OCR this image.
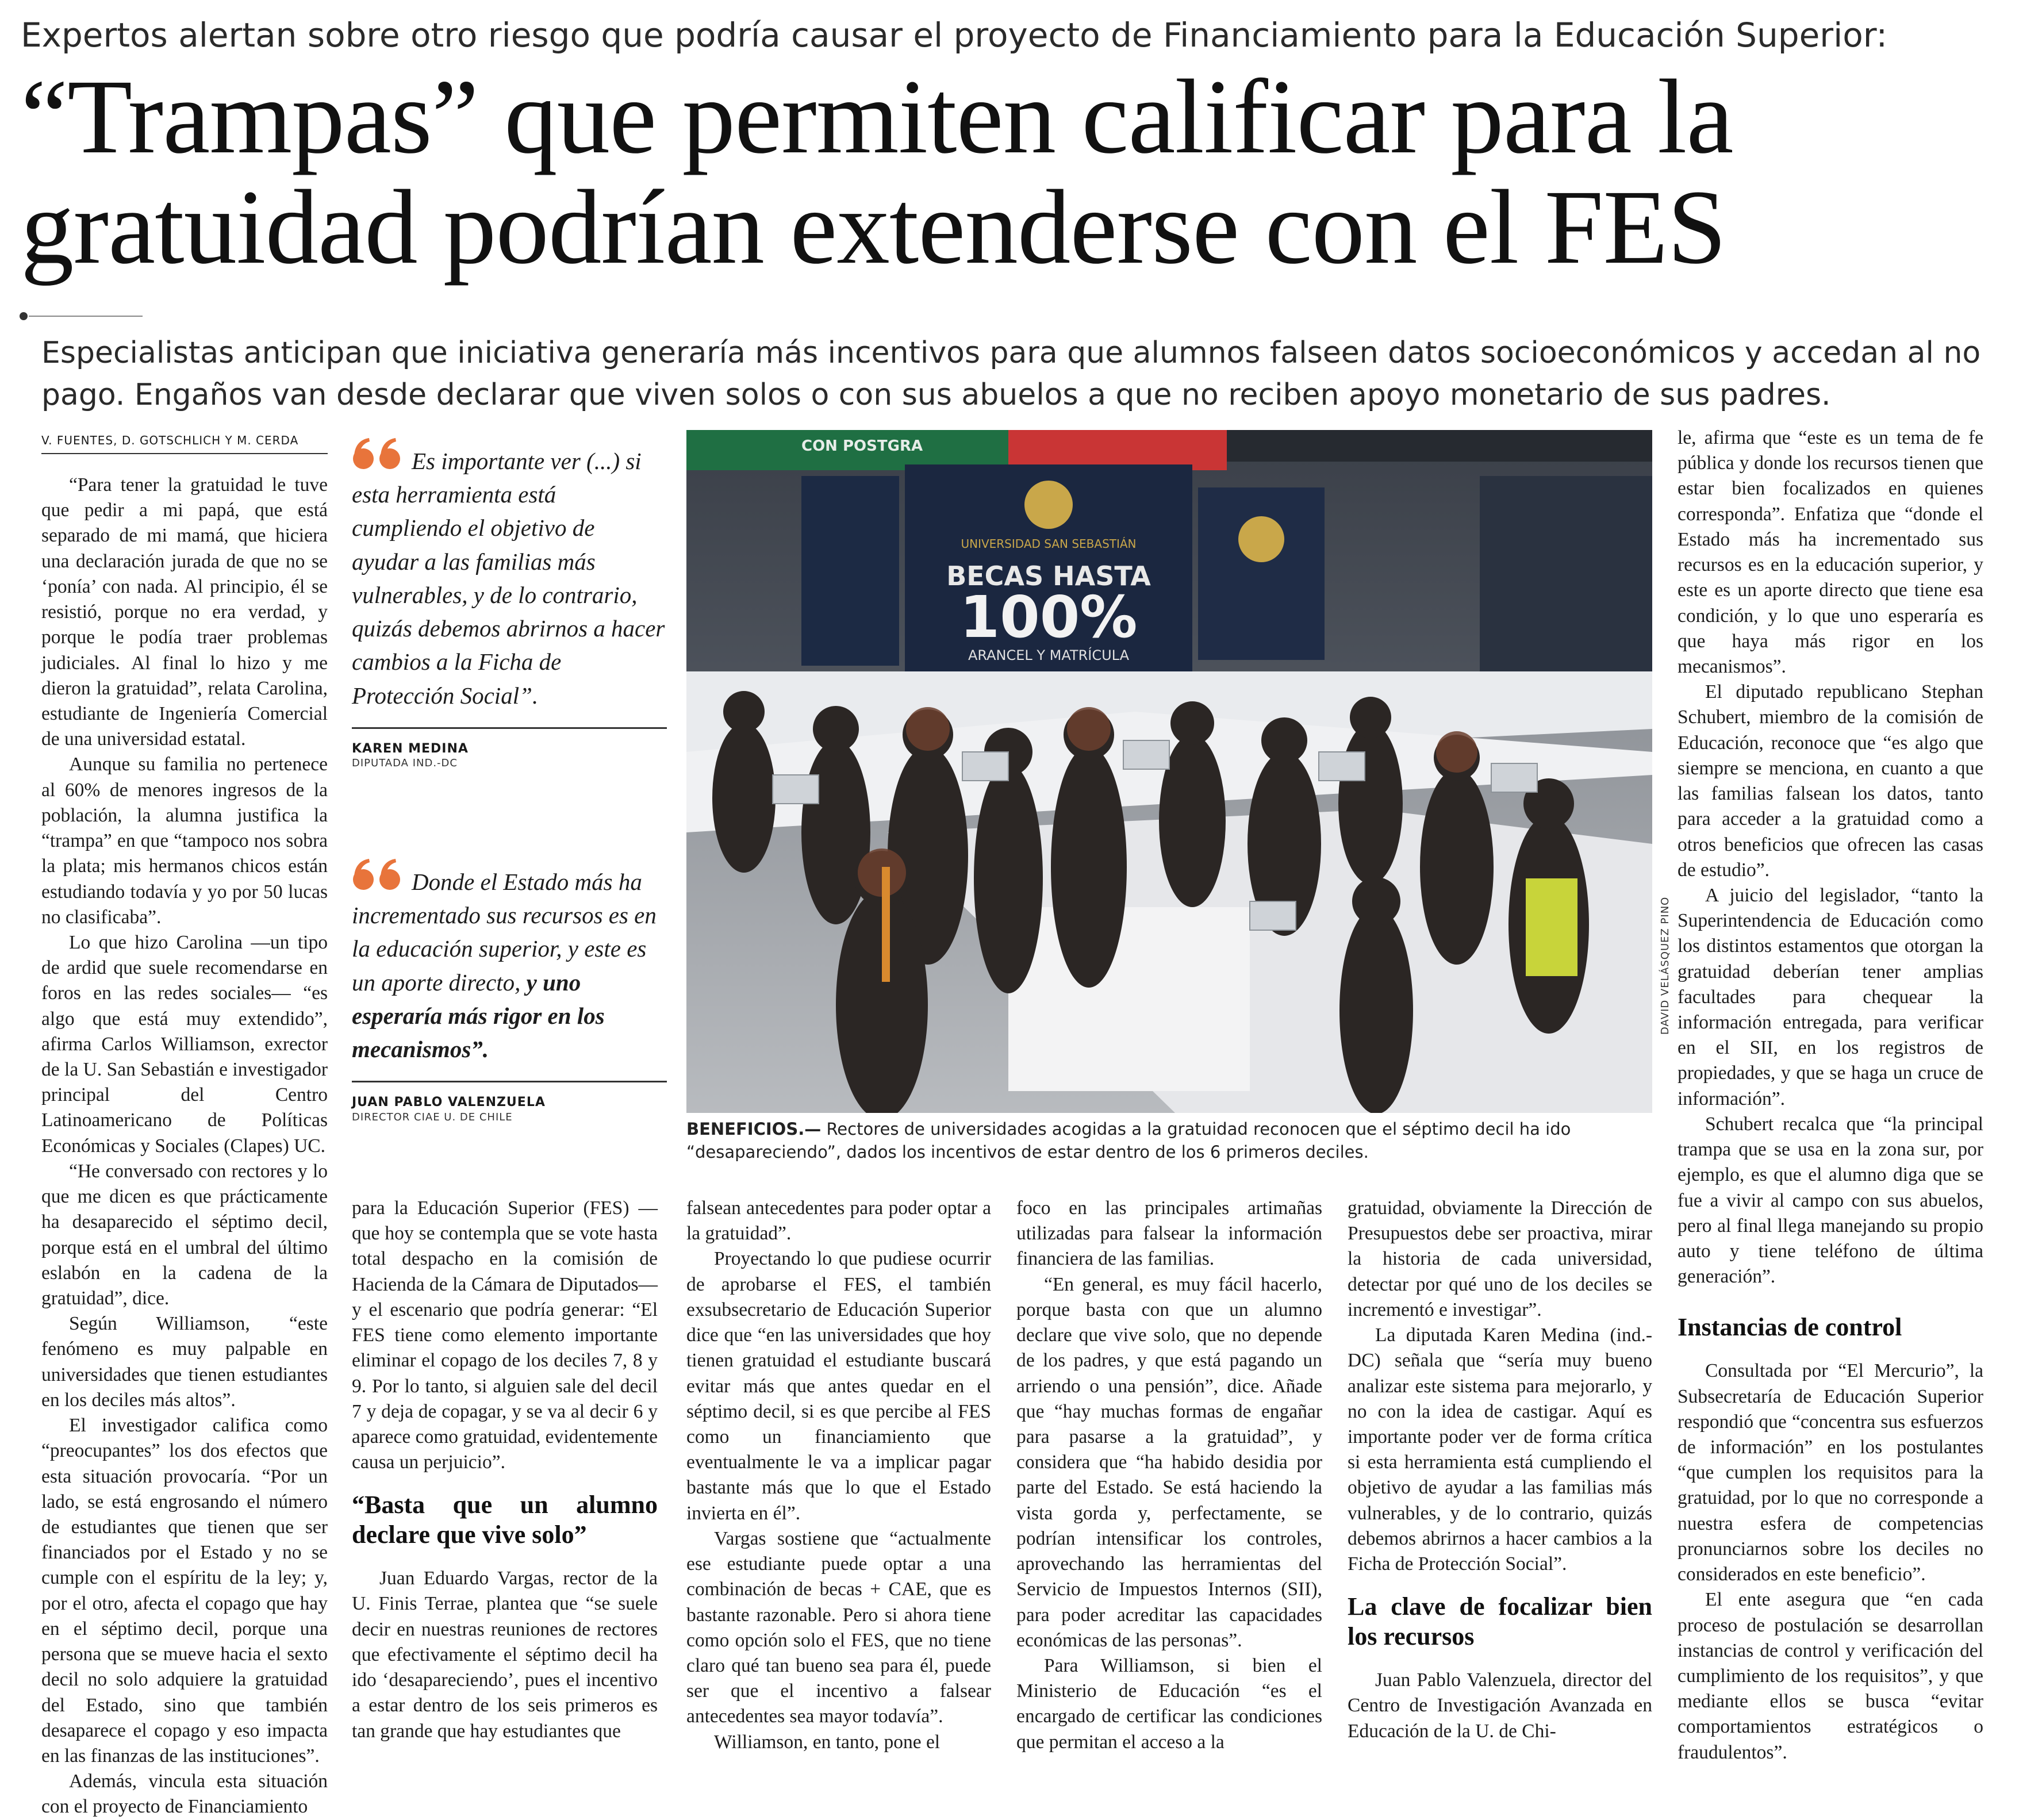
Expertos alertan sobre otro riesgo que podría causar el proyecto de Financiamiento para la Educación Superior:
“Trampas” que permiten calificar para la gratuidad podrían extenderse con el FES
Especialistas anticipan que iniciativa generaría más incentivos para que alumnos falseen datos socioeconómicos y accedan al no pago. Engaños van desde declarar que viven solos o con sus abuelos a que no reciben apoyo monetario de sus padres.
V. FUENTES, D. GOTSCHLICH Y M. CERDA

“Para tener la gratuidad le tuve que pedir a mi papá, que está separado de mi mamá, que hiciera una declaración jurada de que no se ‘ponía’ con nada. Al principio, él se resistió, porque no era verdad, y porque le podía traer problemas judiciales. Al final lo hizo y me dieron la gratuidad”, relata Carolina, estudiante de Ingeniería Comercial de una universidad estatal.

Aunque su familia no pertenece al 60% de menores ingresos de la población, la alumna justifica la “trampa” en que “tampoco nos sobra la plata; mis hermanos chicos están estudiando todavía y yo por 50 lucas no clasificaba”.

Lo que hizo Carolina —un tipo de ardid que suele recomendarse en foros en las redes sociales— “es algo que está muy extendido”, afirma Carlos Williamson, exrector de la U. San Sebastián e investigador principal del Centro Latinoamericano de Políticas Económicas y Sociales (Clapes) UC.

“He conversado con rectores y lo que me dicen es que prácticamente ha desaparecido el séptimo decil, porque está en el umbral del último eslabón en la cadena de la gratuidad”, dice.

Según Williamson, “este fenómeno es muy palpable en universidades que tienen estudiantes en los deciles más altos”.

El investigador califica como “preocupantes” los dos efectos que esta situación provocaría. “Por un lado, se está engrosando el número de estudiantes que tienen que ser financiados por el Estado y no se cumple con el espíritu de la ley; y, por el otro, afecta el copago que hay en el séptimo decil, porque una persona que se mueve hacia el sexto decil no solo adquiere la gratuidad del Estado, sino que también desaparece el copago y eso impacta en las finanzas de las instituciones”.

Además, vincula esta situación con el proyecto de Financiamiento

Es importante ver (...) si esta herramienta está cumpliendo el objetivo de ayudar a las familias más vulnerables, y de lo contrario, quizás debemos abrirnos a hacer cambios a la Ficha de Protección Social”.
KAREN MEDINA
DIPUTADA IND.-DC
Donde el Estado más ha incrementado sus recursos es en la educación superior, y este es un aporte directo, y uno esperaría más rigor en los mecanismos”.
JUAN PABLO VALENZUELA
DIRECTOR CIAE U. DE CHILE
CON POSTGRA
UNIVERSIDAD SAN SEBASTIÁN
BECAS HASTA
100%
ARANCEL Y MATRÍCULA
DAVID VELÁSQUEZ PINO
BENEFICIOS.— Rectores de universidades acogidas a la gratuidad reconocen que el séptimo decil ha ido “desapareciendo”, dados los incentivos de estar dentro de los 6 primeros deciles.

para la Educación Superior (FES) —que hoy se contempla que se vote hasta total despacho en la comisión de Hacienda de la Cámara de Diputados— y el escenario que podría generar: “El FES tiene como elemento importante eliminar el copago de los deciles 7, 8 y 9. Por lo tanto, si alguien sale del decil 7 y deja de copagar, y se va al decir 6 y aparece como gratuidad, evidentemente causa un perjuicio”.

“Basta que un alumno declare que vive solo”

Juan Eduardo Vargas, rector de la U. Finis Terrae, plantea que “se suele decir en nuestras reuniones de rectores que efectivamente el séptimo decil ha ido ‘desapareciendo’, pues el incentivo a estar dentro de los seis primeros es tan grande que hay estudiantes que

falsean antecedentes para poder optar a la gratuidad”.

Proyectando lo que pudiese ocurrir de aprobarse el FES, el también exsubsecretario de Educación Superior dice que “en las universidades que hoy tienen gratuidad el estudiante buscará evitar más que antes quedar en el séptimo decil, si es que percibe al FES como un financiamiento que eventualmente le va a implicar pagar bastante más que lo que el Estado invierta en él”.

Vargas sostiene que “actualmente ese estudiante puede optar a una combinación de becas + CAE, que es bastante razonable. Pero si ahora tiene como opción solo el FES, que no tiene claro qué tan bueno sea para él, puede ser que el incentivo a falsear antecedentes sea mayor todavía”.

Williamson, en tanto, pone el

foco en las principales artimañas utilizadas para falsear la información financiera de las familias.

“En general, es muy fácil hacerlo, porque basta con que un alumno declare que vive solo, que no depende de los padres, y que está pagando un arriendo o una pensión”, dice. Añade que “hay muchas formas de engañar para pasarse a la gratuidad”, y considera que “ha habido desidia por parte del Estado. Se está haciendo la vista gorda y, perfectamente, se podrían intensificar los controles, aprovechando las herramientas del Servicio de Impuestos Internos (SII), para poder acreditar las capacidades económicas de las personas”.

Para Williamson, si bien el Ministerio de Educación “es el encargado de certificar las condiciones que permitan el acceso a la

gratuidad, obviamente la Dirección de Presupuestos debe ser proactiva, mirar la historia de cada universidad, detectar por qué uno de los deciles se incrementó e investigar”.

La diputada Karen Medina (ind.-DC) señala que “sería muy bueno analizar este sistema para mejorarlo, y no con la idea de castigar. Aquí es importante poder ver de forma crítica si esta herramienta está cumpliendo el objetivo de ayudar a las familias más vulnerables, y de lo contrario, quizás debemos abrirnos a hacer cambios a la Ficha de Protección Social”.

La clave de focalizar bien los recursos

Juan Pablo Valenzuela, director del Centro de Investigación Avanzada en Educación de la U. de Chi-

le, afirma que “este es un tema de fe pública y donde los recursos tienen que estar bien focalizados en quienes corresponda”. Enfatiza que “donde el Estado más ha incrementado sus recursos es en la educación superior, y este es un aporte directo que tiene esa condición, y lo que uno esperaría es que haya más rigor en los mecanismos”.

El diputado republicano Stephan Schubert, miembro de la comisión de Educación, reconoce que “es algo que siempre se menciona, en cuanto a que las familias falsean los datos, tanto para acceder a la gratuidad como a otros beneficios que ofrecen las casas de estudio”.

A juicio del legislador, “tanto la Superintendencia de Educación como los distintos estamentos que otorgan la gratuidad deberían tener amplias facultades para chequear la información entregada, para verificar en el SII, en los registros de propiedades, y que se haga un cruce de información”.

Schubert recalca que “la principal trampa que se usa en la zona sur, por ejemplo, es que el alumno diga que se fue a vivir al campo con sus abuelos, pero al final llega manejando su propio auto y tiene teléfono de última generación”.

Instancias de control

Consultada por “El Mercurio”, la Subsecretaría de Educación Superior respondió que “concentra sus esfuerzos de información” en los postulantes “que cumplen los requisitos para la gratuidad, por lo que no corresponde a nuestra esfera de competencias pronunciarnos sobre los deciles no considerados en este beneficio”.

El ente asegura que “en cada proceso de postulación se desarrollan instancias de control y verificación del cumplimiento de los requisitos”, y que mediante ellos se busca “evitar comportamientos estratégicos o fraudulentos”.
